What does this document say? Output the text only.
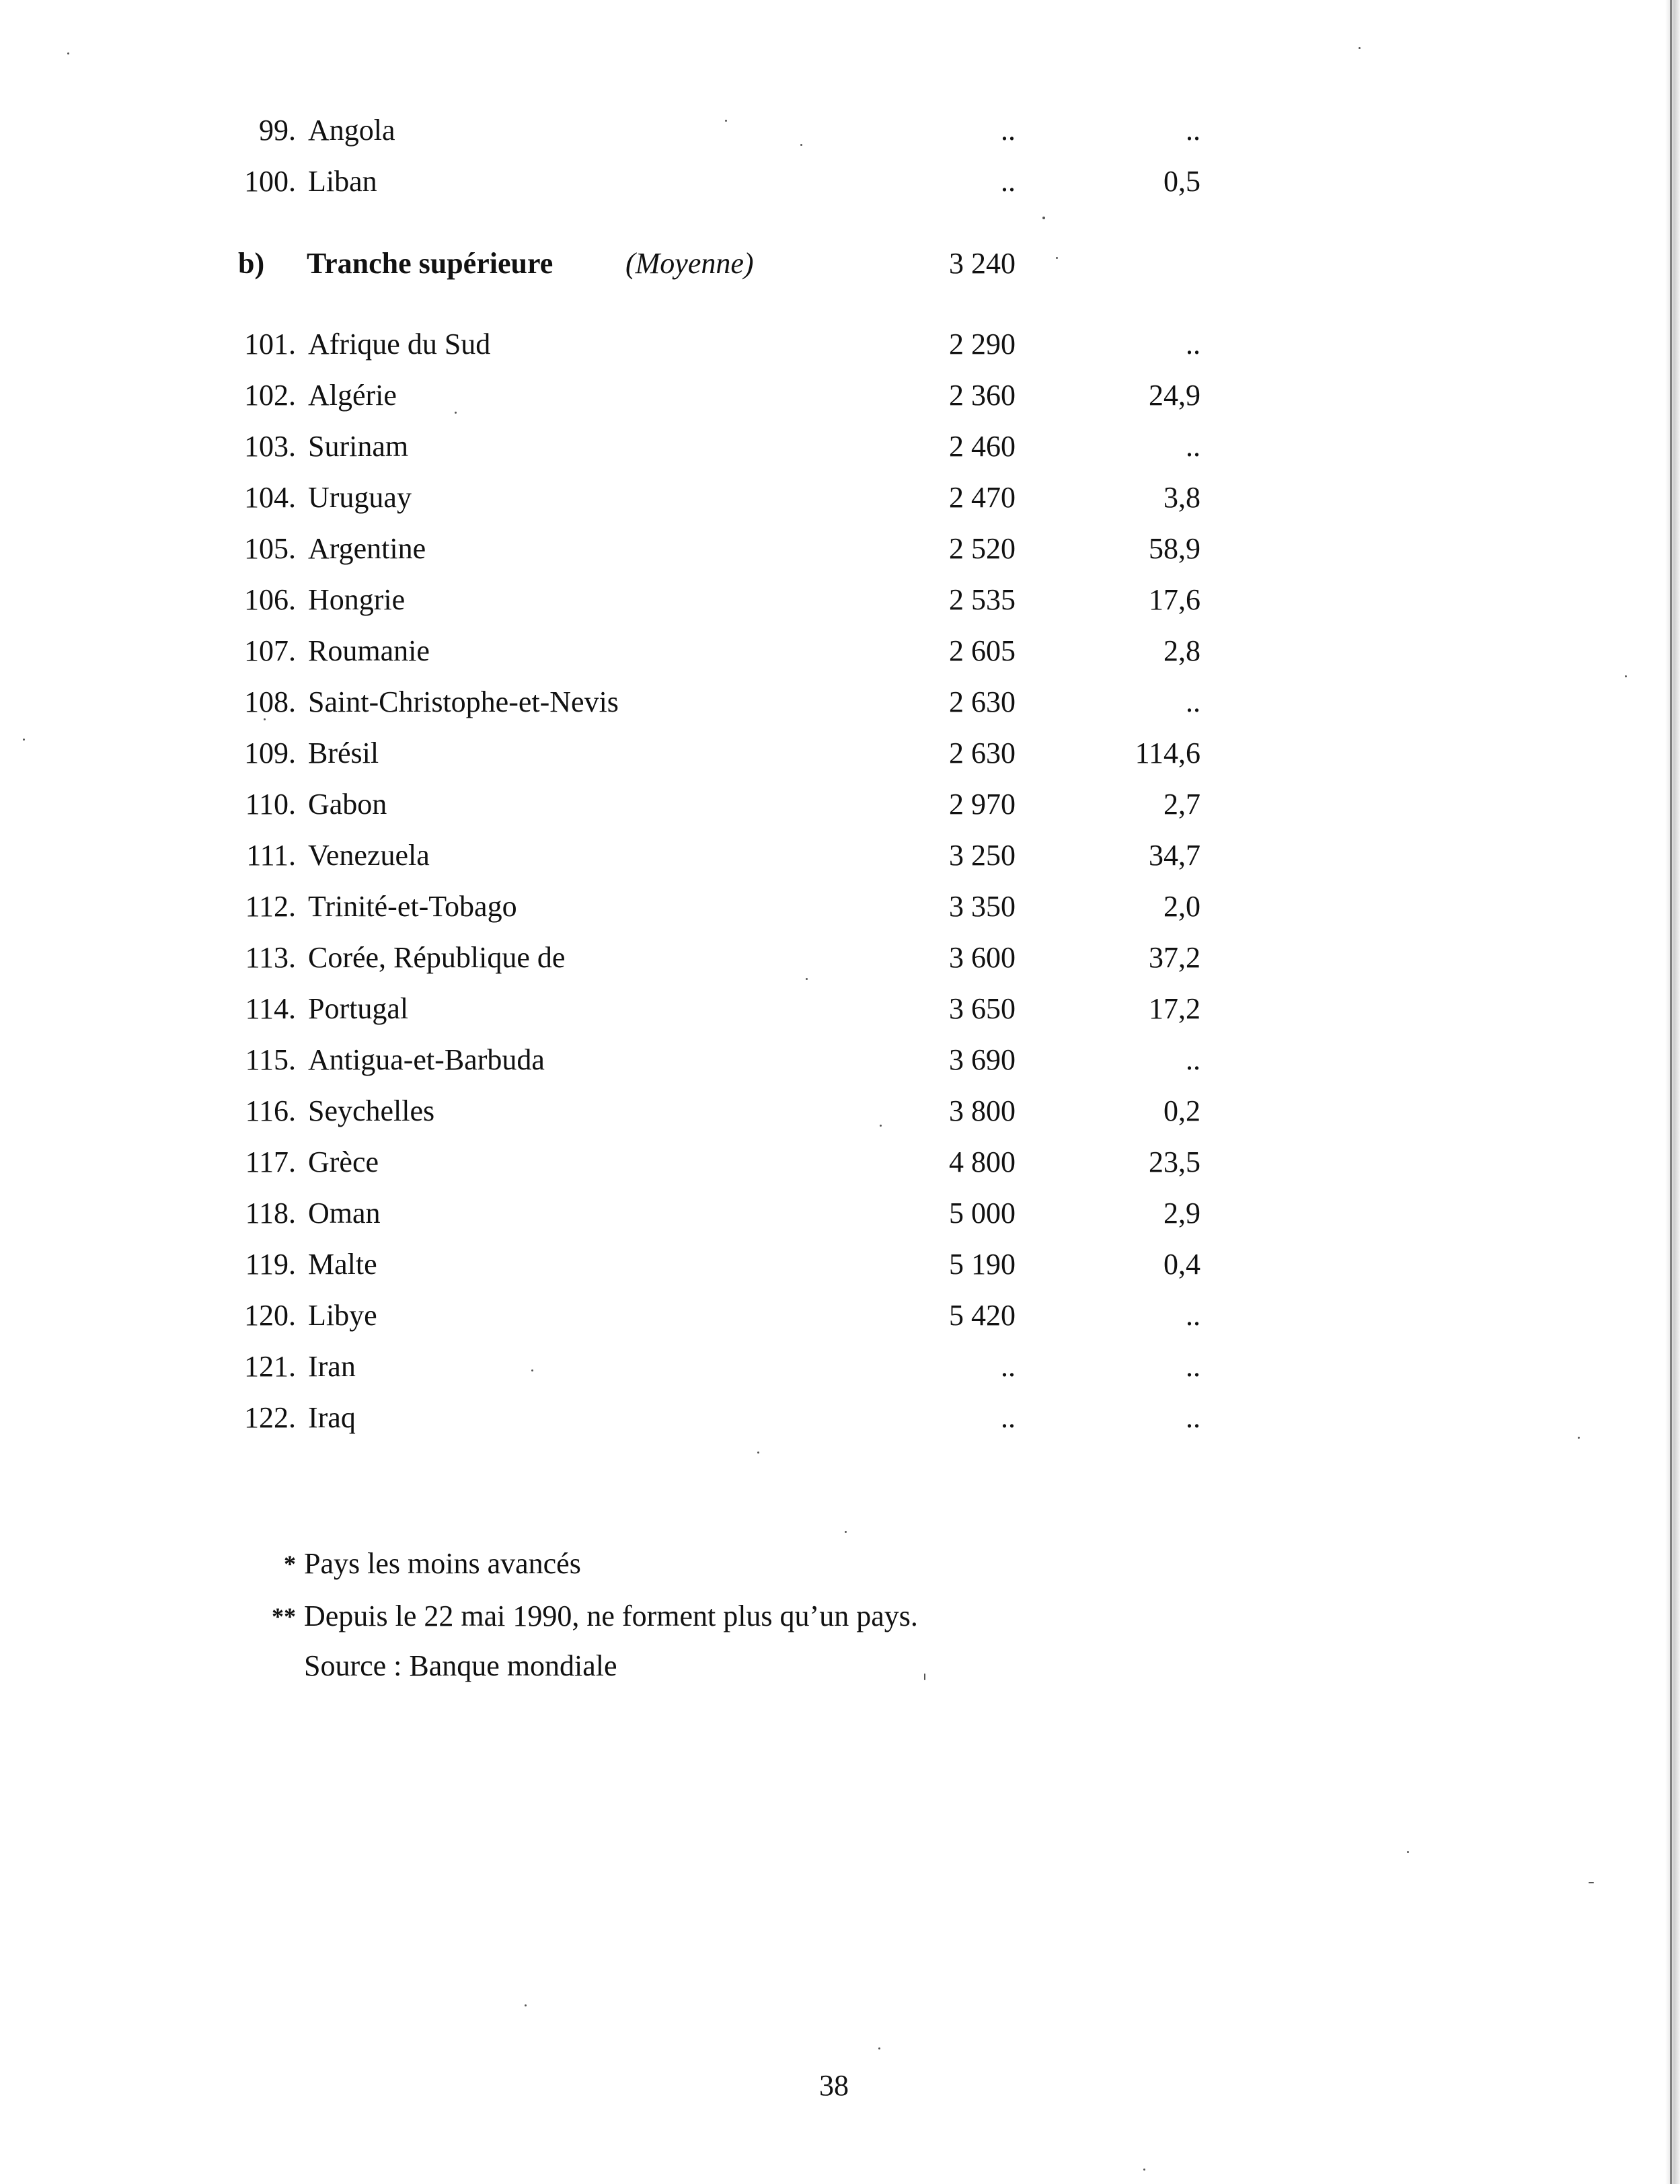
99. Angola	..	..
100. Liban	..	0,5
b) Tranche supérieure (Moyenne)	3 240
101. Afrique du Sud	2 290	..
102. Algérie	2 360	24,9
103. Surinam	2 460	..
104. Uruguay	2 470	3,8
105. Argentine	2 520	58,9
106. Hongrie	2 535	17,6
107. Roumanie	2 605	2,8
108. Saint-Christophe-et-Nevis	2 630	..
109. Brésil	2 630	114,6
110. Gabon	2 970	2,7
111. Venezuela	3 250	34,7
112. Trinité-et-Tobago	3 350	2,0
113. Corée, République de	3 600	37,2
114. Portugal	3 650	17,2
115. Antigua-et-Barbuda	3 690	..
116. Seychelles	3 800	0,2
117. Grèce	4 800	23,5
118. Oman	5 000	2,9
119. Malte	5 190	0,4
120. Libye	5 420	..
121. Iran	..	..
122. Iraq	..	..
* Pays les moins avancés
** Depuis le 22 mai 1990, ne forment plus qu’un pays.
Source : Banque mondiale
38
